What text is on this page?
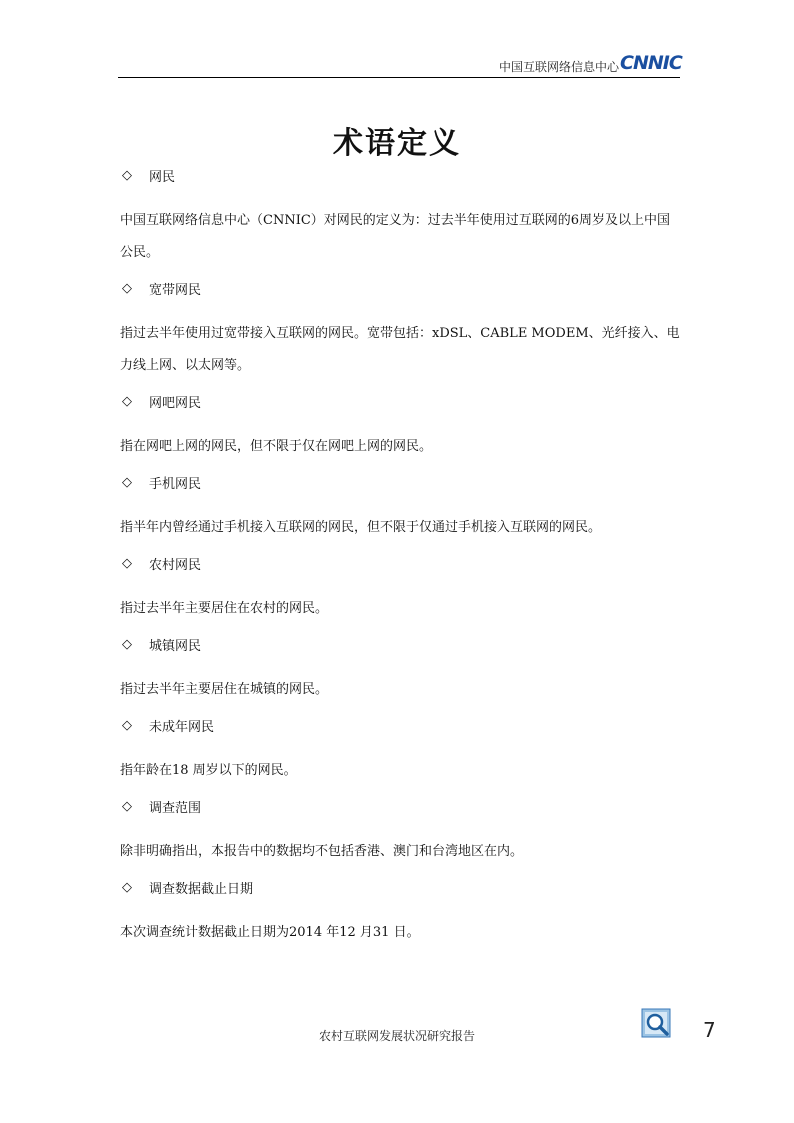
中国互联网络信息中心 CNNIC
术语定义
◇	网民

中国互联网络信息中心（CNNIC）对网民的定义为：过去半年使用过互联网的6周岁及以上中国公民。

◇	宽带网民

指过去半年使用过宽带接入互联网的网民。宽带包括：xDSL、CABLE MODEM、光纤接入、电力线上网、以太网等。

◇	网吧网民

指在网吧上网的网民，但不限于仅在网吧上网的网民。

◇	手机网民

指半年内曾经通过手机接入互联网的网民，但不限于仅通过手机接入互联网的网民。

◇	农村网民

指过去半年主要居住在农村的网民。

◇	城镇网民

指过去半年主要居住在城镇的网民。

◇	未成年网民

指年龄在18 周岁以下的网民。

◇	调查范围

除非明确指出，本报告中的数据均不包括香港、澳门和台湾地区在内。

◇	调查数据截止日期

本次调查统计数据截止日期为2014 年12 月31 日。

农村互联网发展状况研究报告	7
